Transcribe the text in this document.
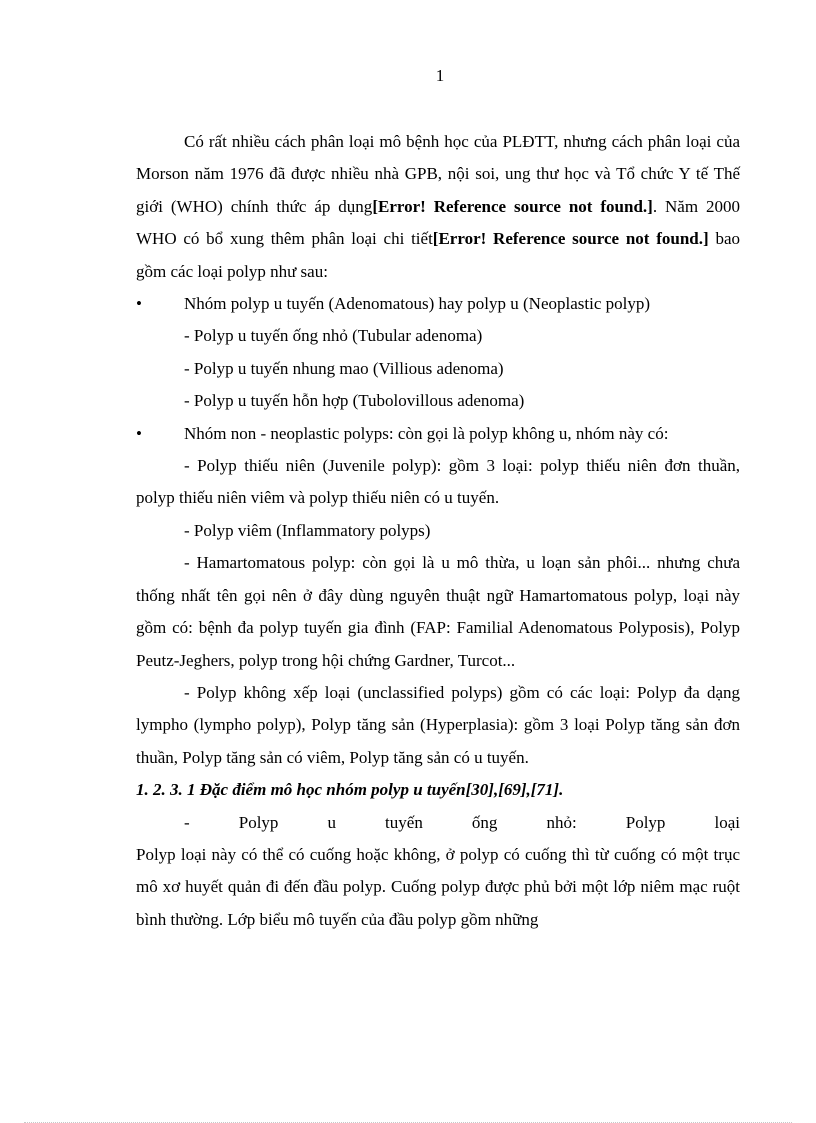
1

Có rất nhiều cách phân loại mô bệnh học của PLĐTT, nhưng cách phân loại của Morson năm 1976 đã được nhiều nhà GPB, nội soi, ung thư học và Tổ chức Y tế Thế giới (WHO) chính thức áp dụng[Error! Reference source not found.]. Năm 2000 WHO có bổ xung thêm phân loại chi tiết[Error! Reference source not found.] bao gồm các loại polyp như sau:

•	Nhóm polyp u tuyến (Adenomatous) hay polyp u (Neoplastic polyp)

- Polyp u tuyến ống nhỏ (Tubular adenoma)

- Polyp u tuyến nhung mao (Villious adenoma)

- Polyp u tuyến hỗn hợp (Tubolovillous adenoma)

•	Nhóm non - neoplastic polyps: còn gọi là polyp không u, nhóm này có:

- Polyp thiếu niên (Juvenile polyp): gồm 3 loại: polyp thiếu niên đơn thuần, polyp thiếu niên viêm và polyp thiếu niên có u tuyến.

- Polyp viêm (Inflammatory polyps)

- Hamartomatous polyp: còn gọi là u mô thừa, u loạn sản phôi... nhưng chưa thống nhất tên gọi nên ở đây dùng nguyên thuật ngữ Hamartomatous polyp, loại này gồm có: bệnh đa polyp tuyến gia đình (FAP: Familial Adenomatous Polyposis), Polyp Peutz-Jeghers, polyp trong hội chứng Gardner, Turcot...

- Polyp không xếp loại (unclassified polyps) gồm có các loại: Polyp đa dạng lympho (lympho polyp), Polyp tăng sản (Hyperplasia): gồm 3 loại Polyp tăng sản đơn thuần, Polyp tăng sản có viêm, Polyp tăng sản có u tuyến.

1. 2. 3. 1 Đặc điểm mô học nhóm polyp u tuyến[30],[69],[71].

-	Polyp	u	tuyến	ống	nhỏ:	Polyp	loại

Polyp loại này có thể có cuống hoặc không, ở polyp có cuống thì từ cuống có một trục mô xơ huyết quản đi đến đầu polyp. Cuống polyp được phủ bởi một lớp niêm mạc ruột bình thường. Lớp biểu mô tuyến của đầu polyp gồm những
